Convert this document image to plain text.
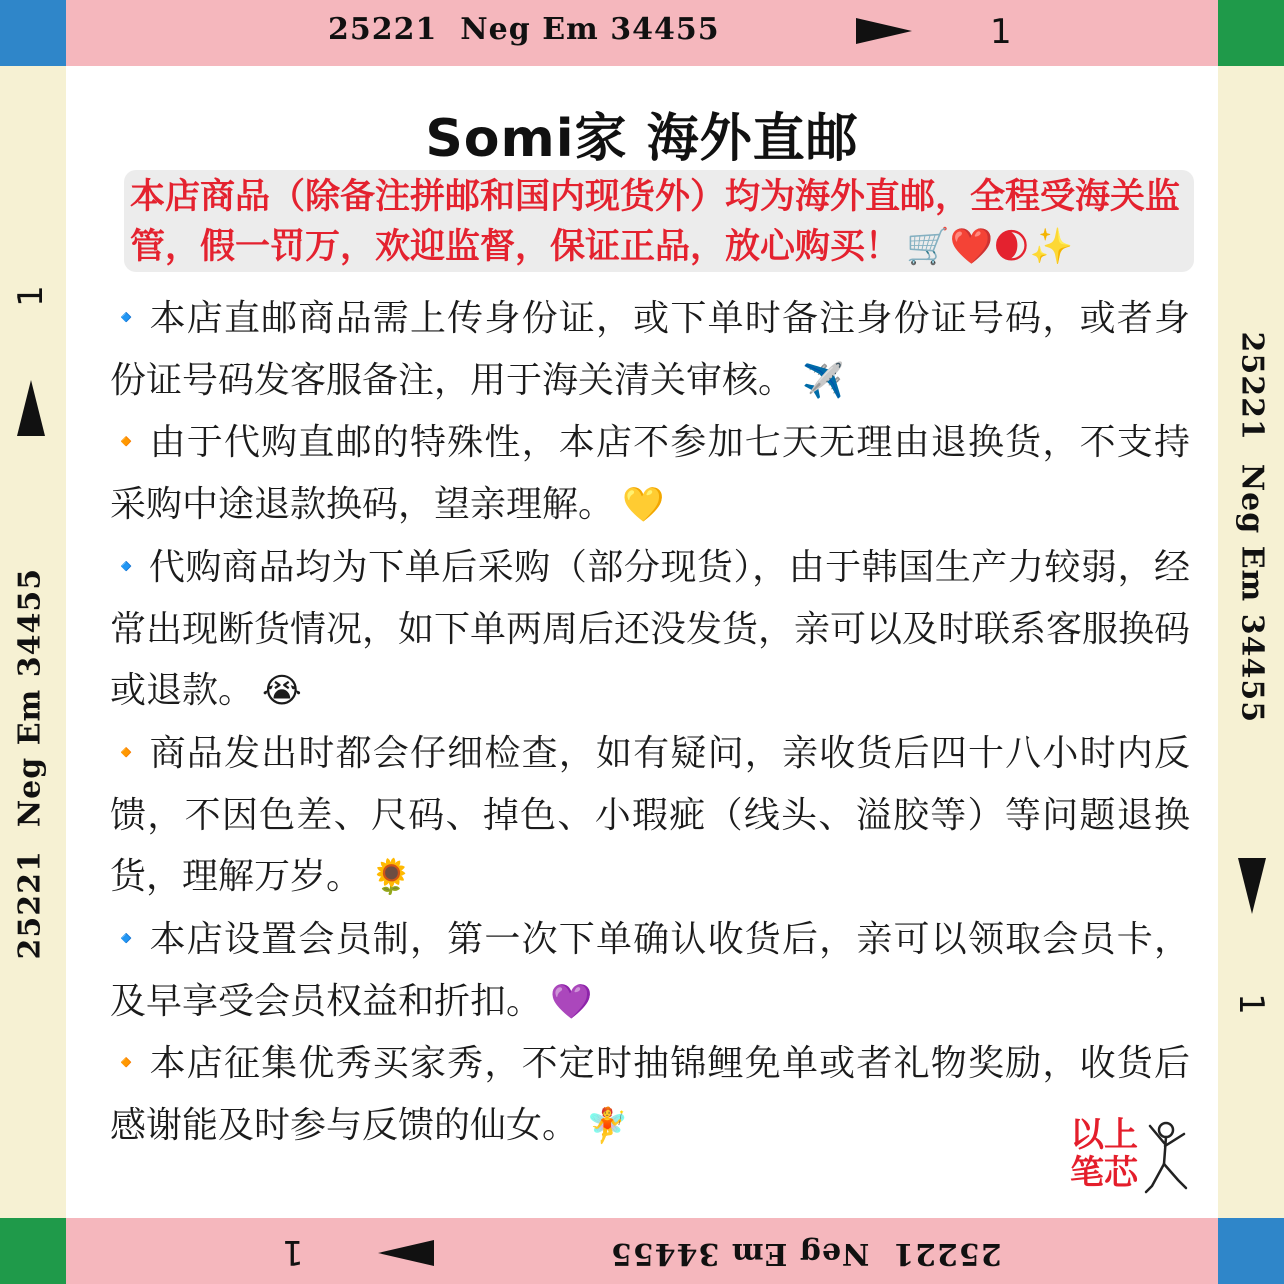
25221  Neg Em 34455	1
25221  Neg Em 34455
1
25221  Neg Em 34455
1
25221  Neg Em 34455
1
Somi家 海外直邮
本店商品（除备注拼邮和国内现货外）均为海外直邮，全程受海关监管，假一罚万，欢迎监督，保证正品，放心购买！ 🛒❤️🌒✨

🔹 本店直邮商品需上传身份证，或下单时备注身份证号码，或者身份证号码发客服备注，用于海关清关审核。 ✈️

🔸 由于代购直邮的特殊性，本店不参加七天无理由退换货，不支持采购中途退款换码，望亲理解。 💛

🔹 代购商品均为下单后采购（部分现货），由于韩国生产力较弱，经常出现断货情况，如下单两周后还没发货，亲可以及时联系客服换码或退款。 😭

🔸 商品发出时都会仔细检查，如有疑问，亲收货后四十八小时内反馈，不因色差、尺码、掉色、小瑕疵（线头、溢胶等）等问题退换货，理解万岁。 🌻

🔹 本店设置会员制，第一次下单确认收货后，亲可以领取会员卡，及早享受会员权益和折扣。 💜

🔸 本店征集优秀买家秀，不定时抽锦鲤免单或者礼物奖励，收货后感谢能及时参与反馈的仙女。 🧚	以上笔芯
